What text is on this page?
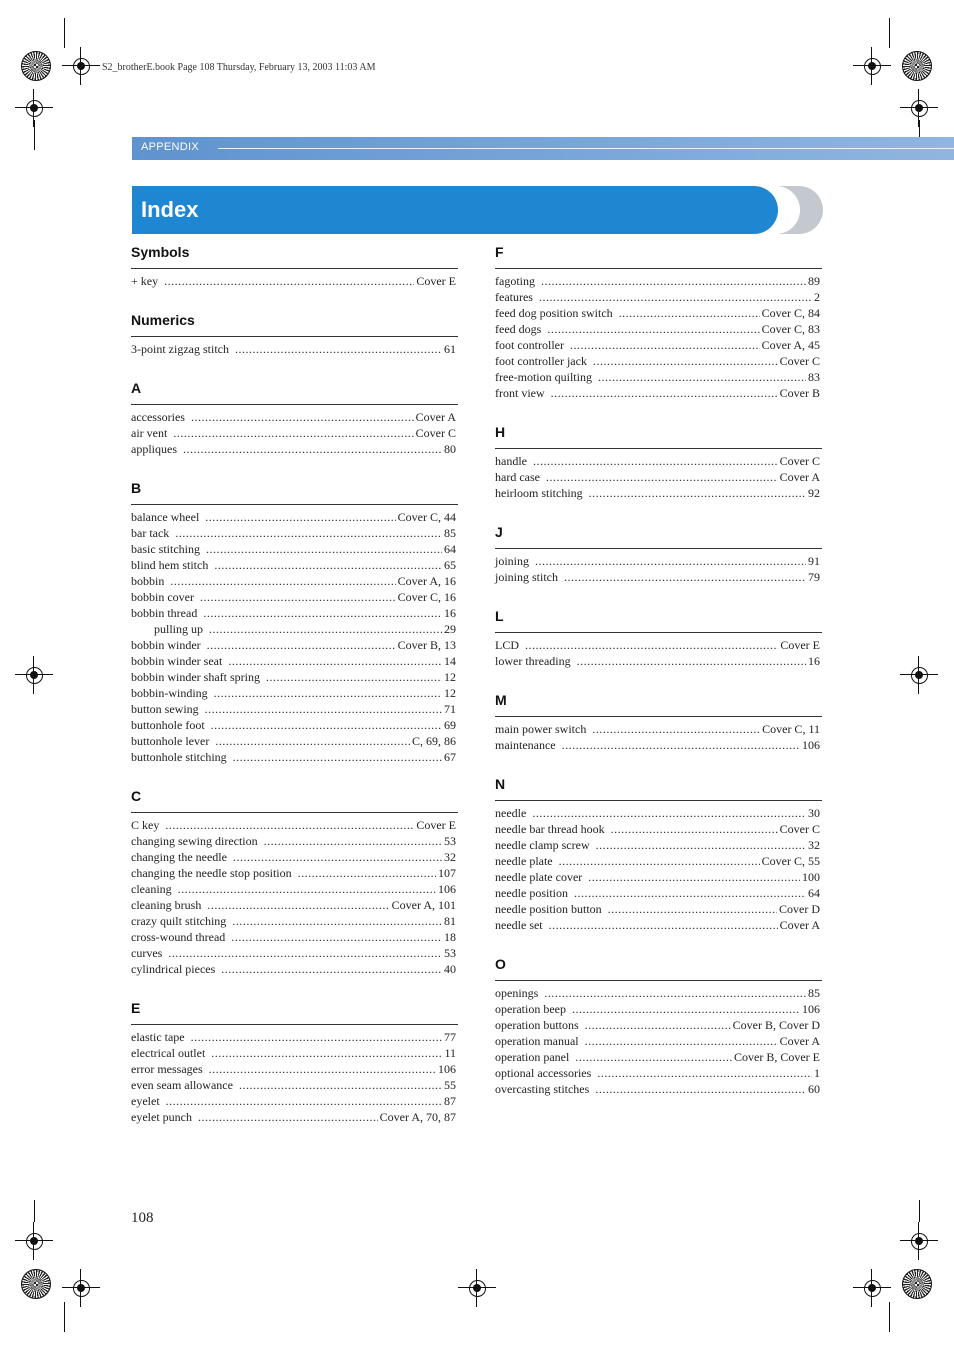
S2_brotherE.book Page 108 Thursday, February 13, 2003 11:03 AM
APPENDIX
Index
Symbols
+ key .....	Cover E
Numerics
3-point zigzag stitch .....	61
A
accessories .....	Cover A
air vent .....	Cover C
appliques .....	80
B
balance wheel .....	Cover C, 44
bar tack .....	85
basic stitching .....	64
blind hem stitch .....	65
bobbin .....	Cover A, 16
bobbin cover .....	Cover C, 16
bobbin thread .....	16
pulling up .....	29
bobbin winder .....	Cover B, 13
bobbin winder seat .....	14
bobbin winder shaft spring .....	12
bobbin-winding .....	12
button sewing .....	71
buttonhole foot .....	69
buttonhole lever .....	C, 69, 86
buttonhole stitching .....	67
C
C key .....	Cover E
changing sewing direction .....	53
changing the needle .....	32
changing the needle stop position .....	107
cleaning .....	106
cleaning brush .....	Cover A, 101
crazy quilt stitching .....	81
cross-wound thread .....	18
curves .....	53
cylindrical pieces .....	40
E
elastic tape .....	77
electrical outlet .....	11
error messages .....	106
even seam allowance .....	55
eyelet .....	87
eyelet punch .....	Cover A, 70, 87
F
fagoting .....	89
features .....	2
feed dog position switch .....	Cover C, 84
feed dogs .....	Cover C, 83
foot controller .....	Cover A, 45
foot controller jack .....	Cover C
free-motion quilting .....	83
front view .....	Cover B
H
handle .....	Cover C
hard case .....	Cover A
heirloom stitching .....	92
J
joining .....	91
joining stitch .....	79
L
LCD .....	Cover E
lower threading .....	16
M
main power switch .....	Cover C, 11
maintenance .....	106
N
needle .....	30
needle bar thread hook .....	Cover C
needle clamp screw .....	32
needle plate .....	Cover C, 55
needle plate cover .....	100
needle position .....	64
needle position button .....	Cover D
needle set .....	Cover A
O
openings .....	85
operation beep .....	106
operation buttons .....	Cover B, Cover D
operation manual .....	Cover A
operation panel .....	Cover B, Cover E
optional accessories .....	1
overcasting stitches .....	60
108
